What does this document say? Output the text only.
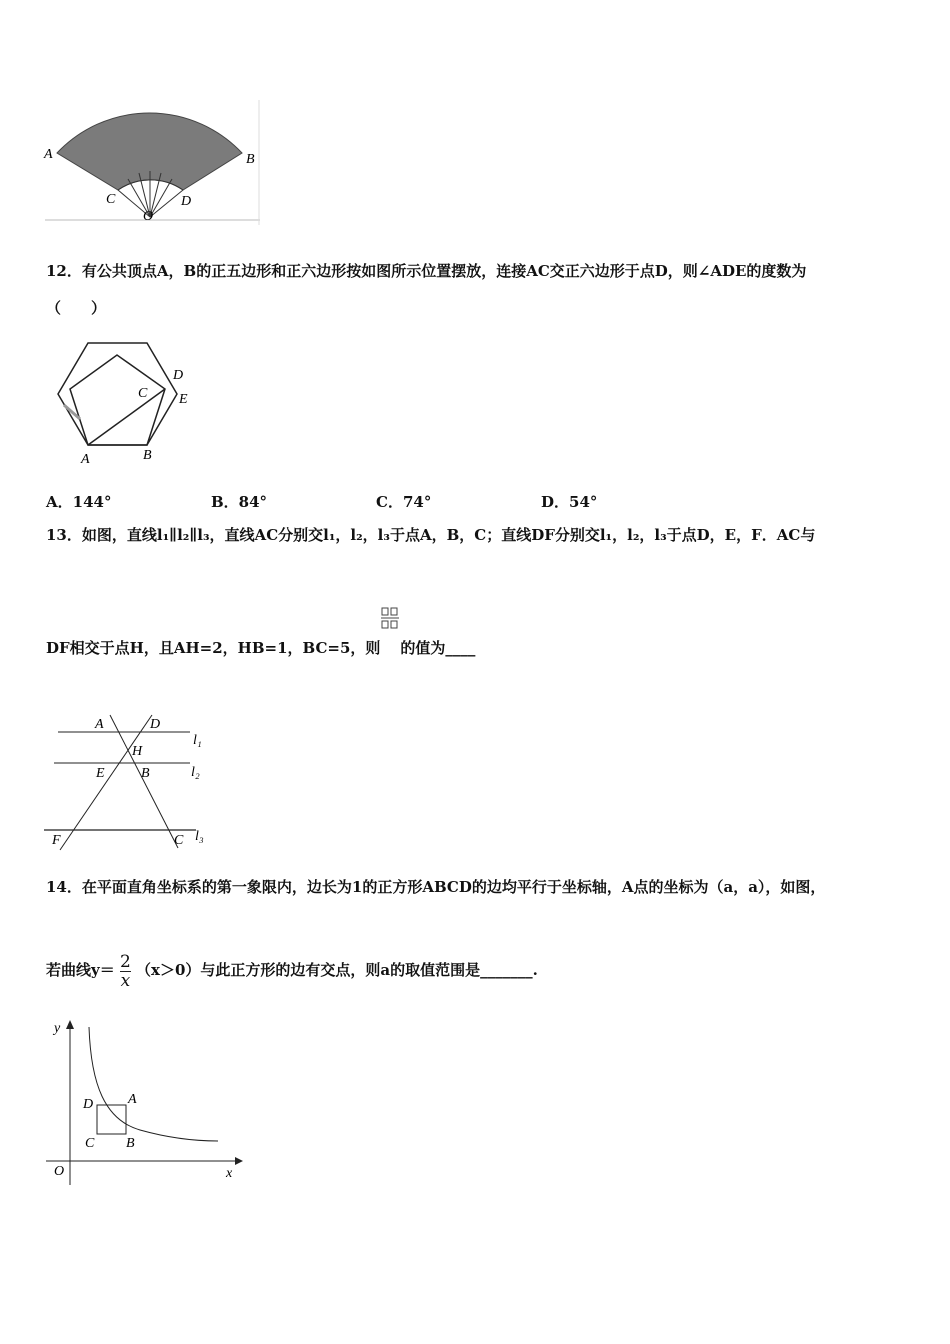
A	B
C
O
D
12．有公共顶点A，B的正五边形和正六边形按如图所示位置摆放，连接AC交正六边形于点D，则∠ADE的度数为
（　　）
A	B
C
D
E
A．144°	B．84°	C．74°	D．54°
13．如图，直线l₁∥l₂∥l₃，直线AC分别交l₁，l₂，l₃于点A，B，C；直线DF分别交l₁，l₂，l₃于点D，E，F．AC与
DF相交于点H，且AH=2，HB=1，BC=5，则 的值为____
A	D
H
E	B
F	C
l₁
l₂
l₃
14．在平面直角坐标系的第一象限内，边长为1的正方形ABCD的边均平行于坐标轴，A点的坐标为（a，a），如图，
若曲线$y= \frac{2}{x} (x>0)$与此正方形的边有交点，则a的取值范围是_______.
y
x
O
D A
C B
